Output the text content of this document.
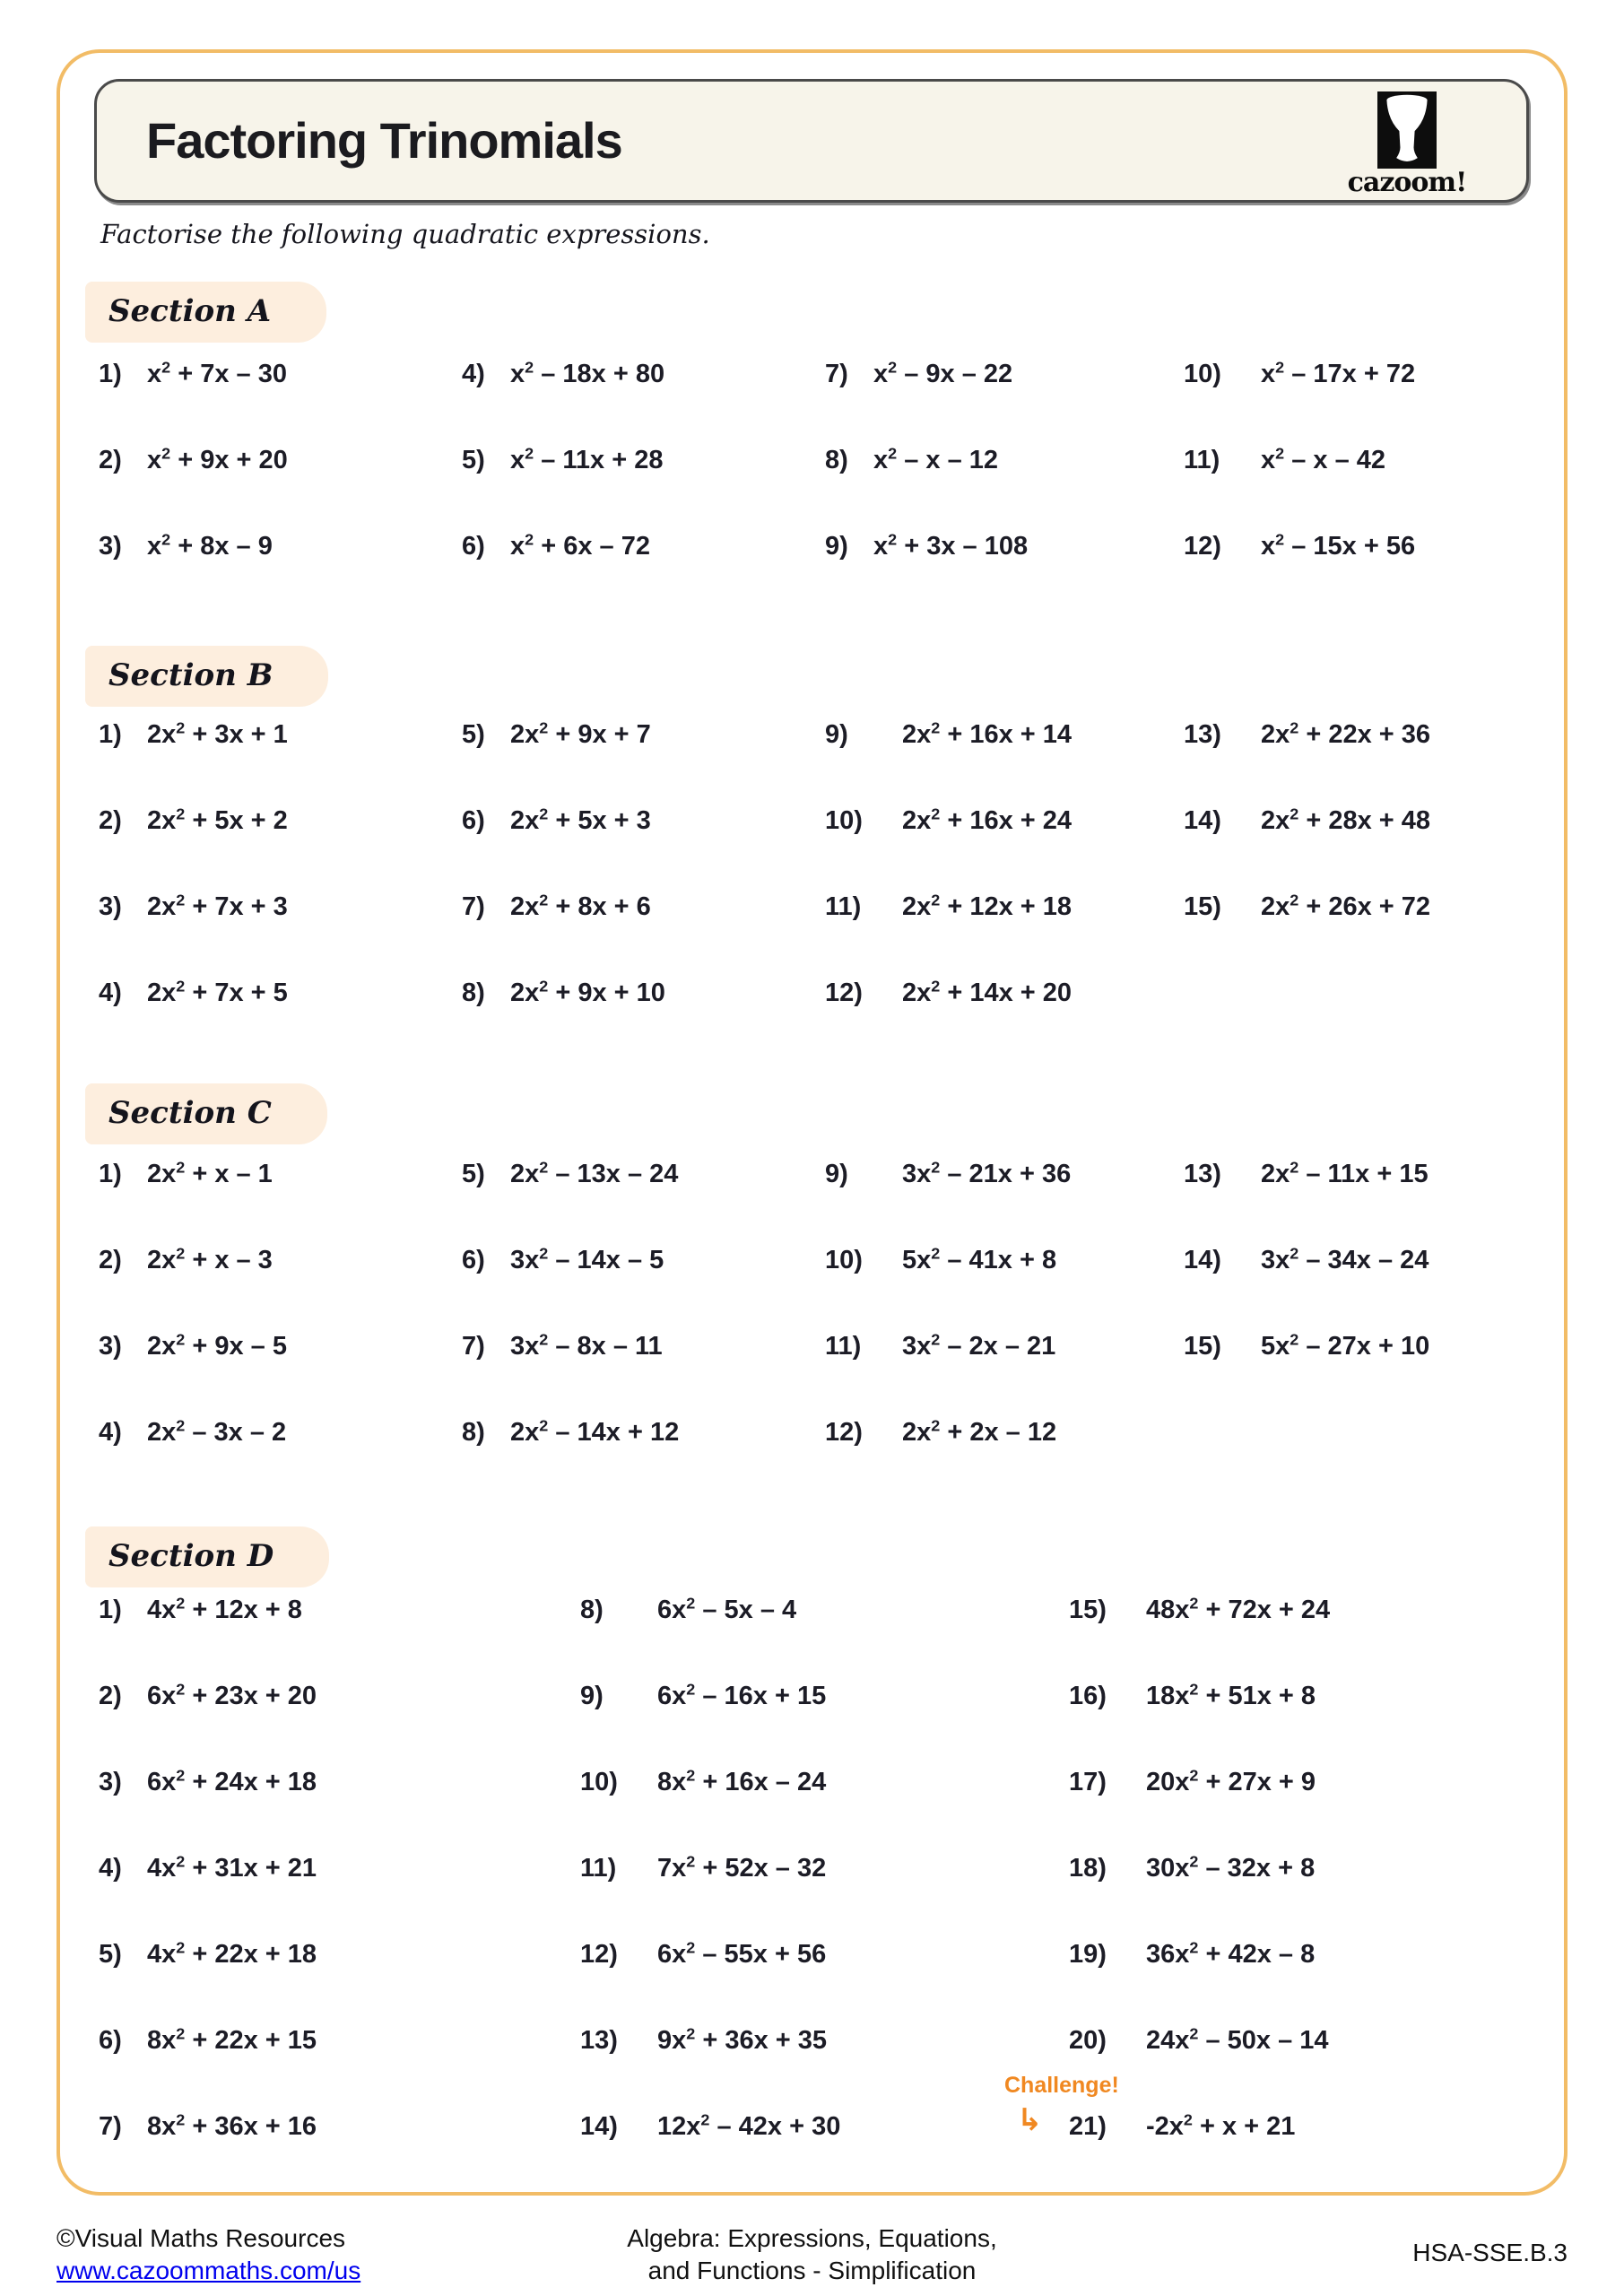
Factoring Trinomials
cazoom!
Factorise the following quadratic expressions.
Section A
1) $x^2 + 7x - 30$
2) $x^2 + 9x + 20$
3) $x^2 + 8x - 9$
4) $x^2 - 18x + 80$
5) $x^2 - 11x + 28$
6) $x^2 + 6x - 72$
7) $x^2 - 9x - 22$
8) $x^2$ – x – 12
9) $x^2 + 3x - 108$
10) $x^2 - 17x + 72$
11) $x^2$ – x – 42
12) $x^2 - 15x + 56$
Section B
1) $2x^2 + 3x + 1$
2) $2x^2 + 5x + 2$
3) $2x^2 + 7x + 3$
4) $2x^2 + 7x + 5$
5) $2x^2 + 9x + 7$
6) $2x^2 + 5x + 3$
7) $2x^2 + 8x + 6$
8) $2x^2 + 9x + 10$
9) $2x^2 + 16x + 14$
10) $2x^2 + 16x + 24$
11) $2x^2 + 12x + 18$
12) $2x^2 + 14x + 20$
13) $2x^2 + 22x + 36$
14) $2x^2 + 28x + 48$
15) $2x^2 + 26x + 72$
Section C
1) $2x^2 + x - 1$
2) $2x^2 + x - 3$
3) $2x^2 + 9x - 5$
4) $2x^2 - 3x - 2$
5) $2x^2 - 13x - 24$
6) $3x^2 - 14x - 5$
7) $3x^2 - 8x - 11$
8) $2x^2 - 14x + 12$
9) $3x^2 - 21x + 36$
10) $5x^2 - 41x + 8$
11) $3x^2 - 2x - 21$
12) $2x^2 + 2x - 12$
13) $2x^2 - 11x + 15$
14) $3x^2 - 34x - 24$
15) $5x^2 - 27x + 10$
Section D
1) $4x^2 + 12x + 8$
2) $6x^2 + 23x + 20$
3) $6x^2 + 24x + 18$
4) $4x^2 + 31x + 21$
5) $4x^2 + 22x + 18$
6) $8x^2 + 22x + 15$
7) $8x^2 + 36x + 16$
8) $6x^2 - 5x - 4$
9) $6x^2 - 16x + 15$
10) $8x^2 + 16x - 24$
11) $7x^2 + 52x - 32$
12) $6x^2 - 55x + 56$
13) $9x^2 + 36x + 35$
14) $12x^2 - 42x + 30$
15) $48x^2 + 72x + 24$
16) $18x^2 + 51x + 8$
17) $20x^2 + 27x + 9$
18) $30x^2 - 32x + 8$
19) $36x^2 + 42x - 8$
20) $24x^2 - 50x - 14$
Challenge!
↳ 21) $-2x^2 + x + 21$
©Visual Maths Resources
www.cazoommaths.com/us
Algebra: Expressions, Equations,
and Functions - Simplification
HSA-SSE.B.3
